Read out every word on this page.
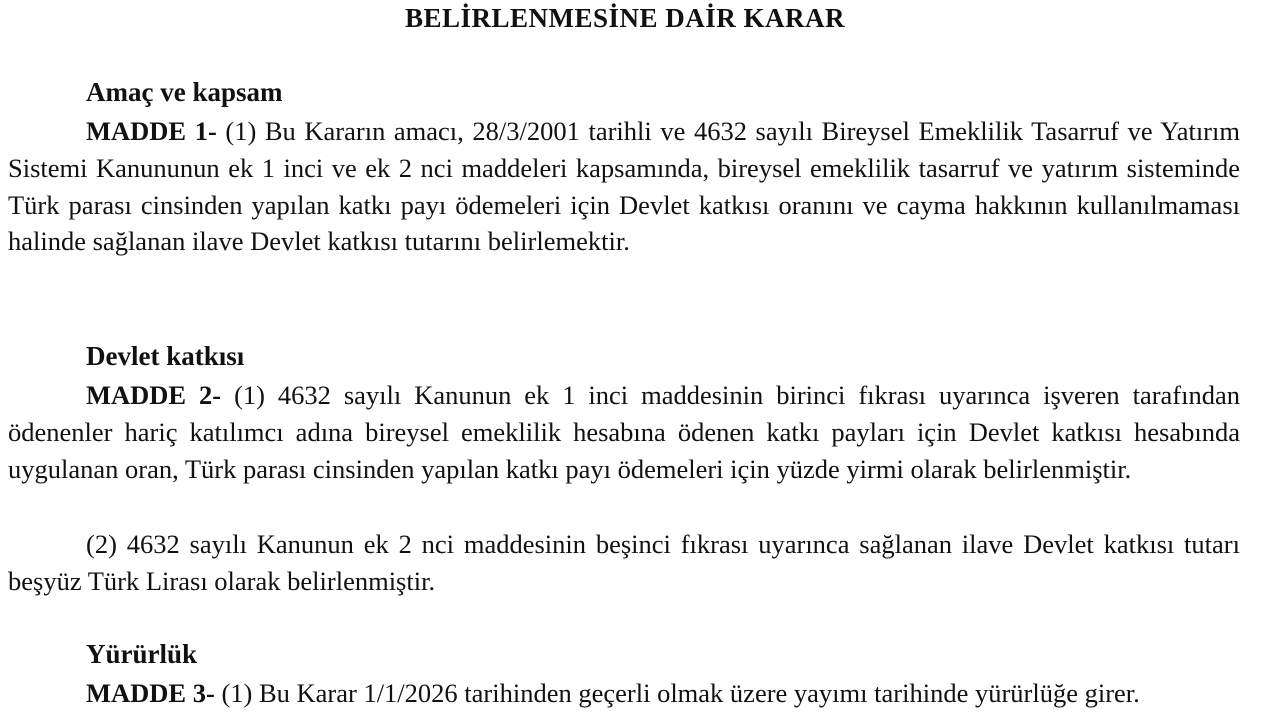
BELİRLENMESİNE DAİR KARAR
Amaç ve kapsam
MADDE 1- (1) Bu Kararın amacı, 28/3/2001 tarihli ve 4632 sayılı Bireysel Emeklilik Tasarruf ve Yatırım Sistemi Kanununun ek 1 inci ve ek 2 nci maddeleri kapsamında, bireysel emeklilik tasarruf ve yatırım sisteminde Türk parası cinsinden yapılan katkı payı ödemeleri için Devlet katkısı oranını ve cayma hakkının kullanılmaması halinde sağlanan ilave Devlet katkısı tutarını belirlemektir.
Devlet katkısı
MADDE 2- (1) 4632 sayılı Kanunun ek 1 inci maddesinin birinci fıkrası uyarınca işveren tarafından ödenenler hariç katılımcı adına bireysel emeklilik hesabına ödenen katkı payları için Devlet katkısı hesabında uygulanan oran, Türk parası cinsinden yapılan katkı payı ödemeleri için yüzde yirmi olarak belirlenmiştir.
(2) 4632 sayılı Kanunun ek 2 nci maddesinin beşinci fıkrası uyarınca sağlanan ilave Devlet katkısı tutarı beşyüz Türk Lirası olarak belirlenmiştir.
Yürürlük
MADDE 3- (1) Bu Karar 1/1/2026 tarihinden geçerli olmak üzere yayımı tarihinde yürürlüğe girer.
